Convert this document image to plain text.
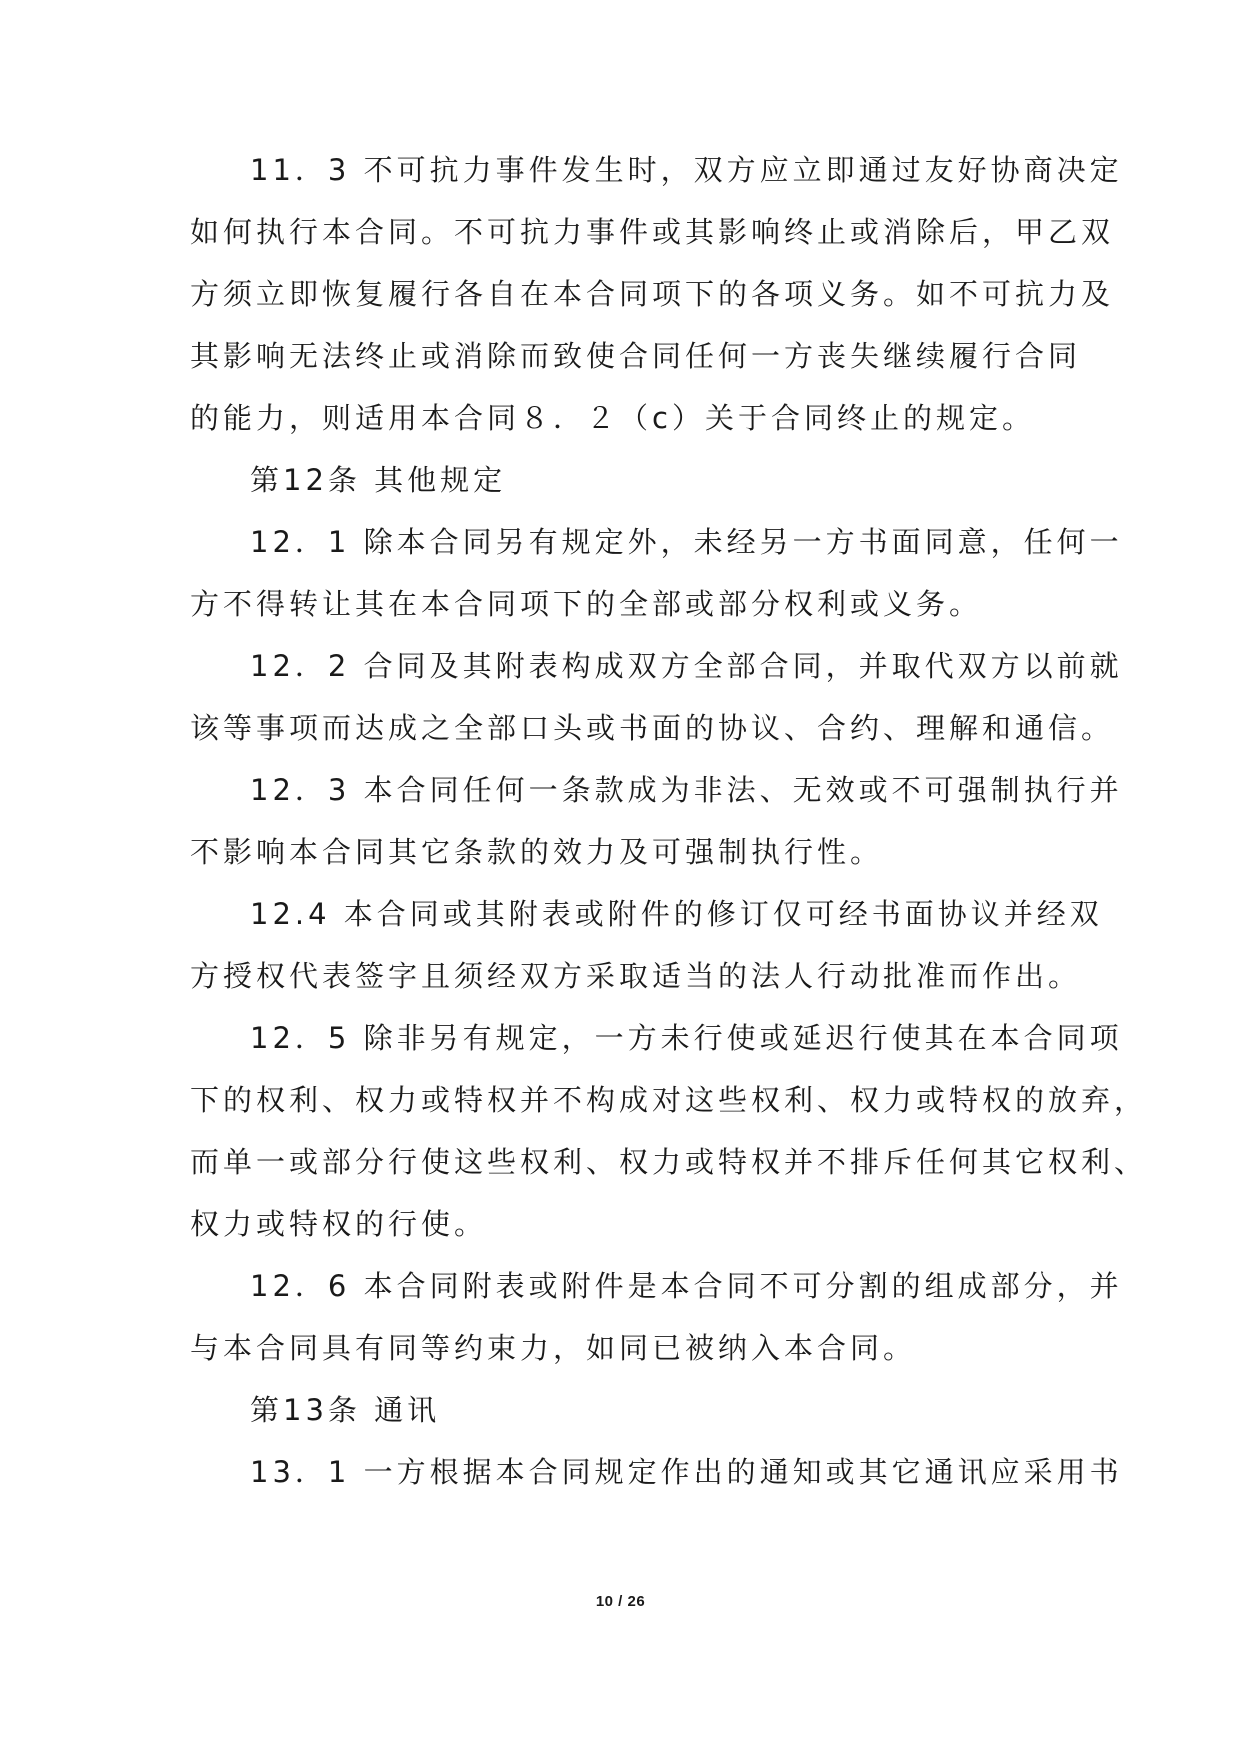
11．3 不可抗力事件发生时，双方应立即通过友好协商决定
如何执行本合同。不可抗力事件或其影响终止或消除后，甲乙双
方须立即恢复履行各自在本合同项下的各项义务。如不可抗力及
其影响无法终止或消除而致使合同任何一方丧失继续履行合同
的能力，则适用本合同８．２（c）关于合同终止的规定。
第12条 其他规定
12．1 除本合同另有规定外，未经另一方书面同意，任何一
方不得转让其在本合同项下的全部或部分权利或义务。
12．2 合同及其附表构成双方全部合同，并取代双方以前就
该等事项而达成之全部口头或书面的协议、合约、理解和通信。
12．3 本合同任何一条款成为非法、无效或不可强制执行并
不影响本合同其它条款的效力及可强制执行性。
12.4 本合同或其附表或附件的修订仅可经书面协议并经双
方授权代表签字且须经双方采取适当的法人行动批准而作出。
12．5 除非另有规定，一方未行使或延迟行使其在本合同项
下的权利、权力或特权并不构成对这些权利、权力或特权的放弃，
而单一或部分行使这些权利、权力或特权并不排斥任何其它权利、
权力或特权的行使。
12．6 本合同附表或附件是本合同不可分割的组成部分，并
与本合同具有同等约束力，如同已被纳入本合同。
第13条 通讯
13．1 一方根据本合同规定作出的通知或其它通讯应采用书
10 / 26
